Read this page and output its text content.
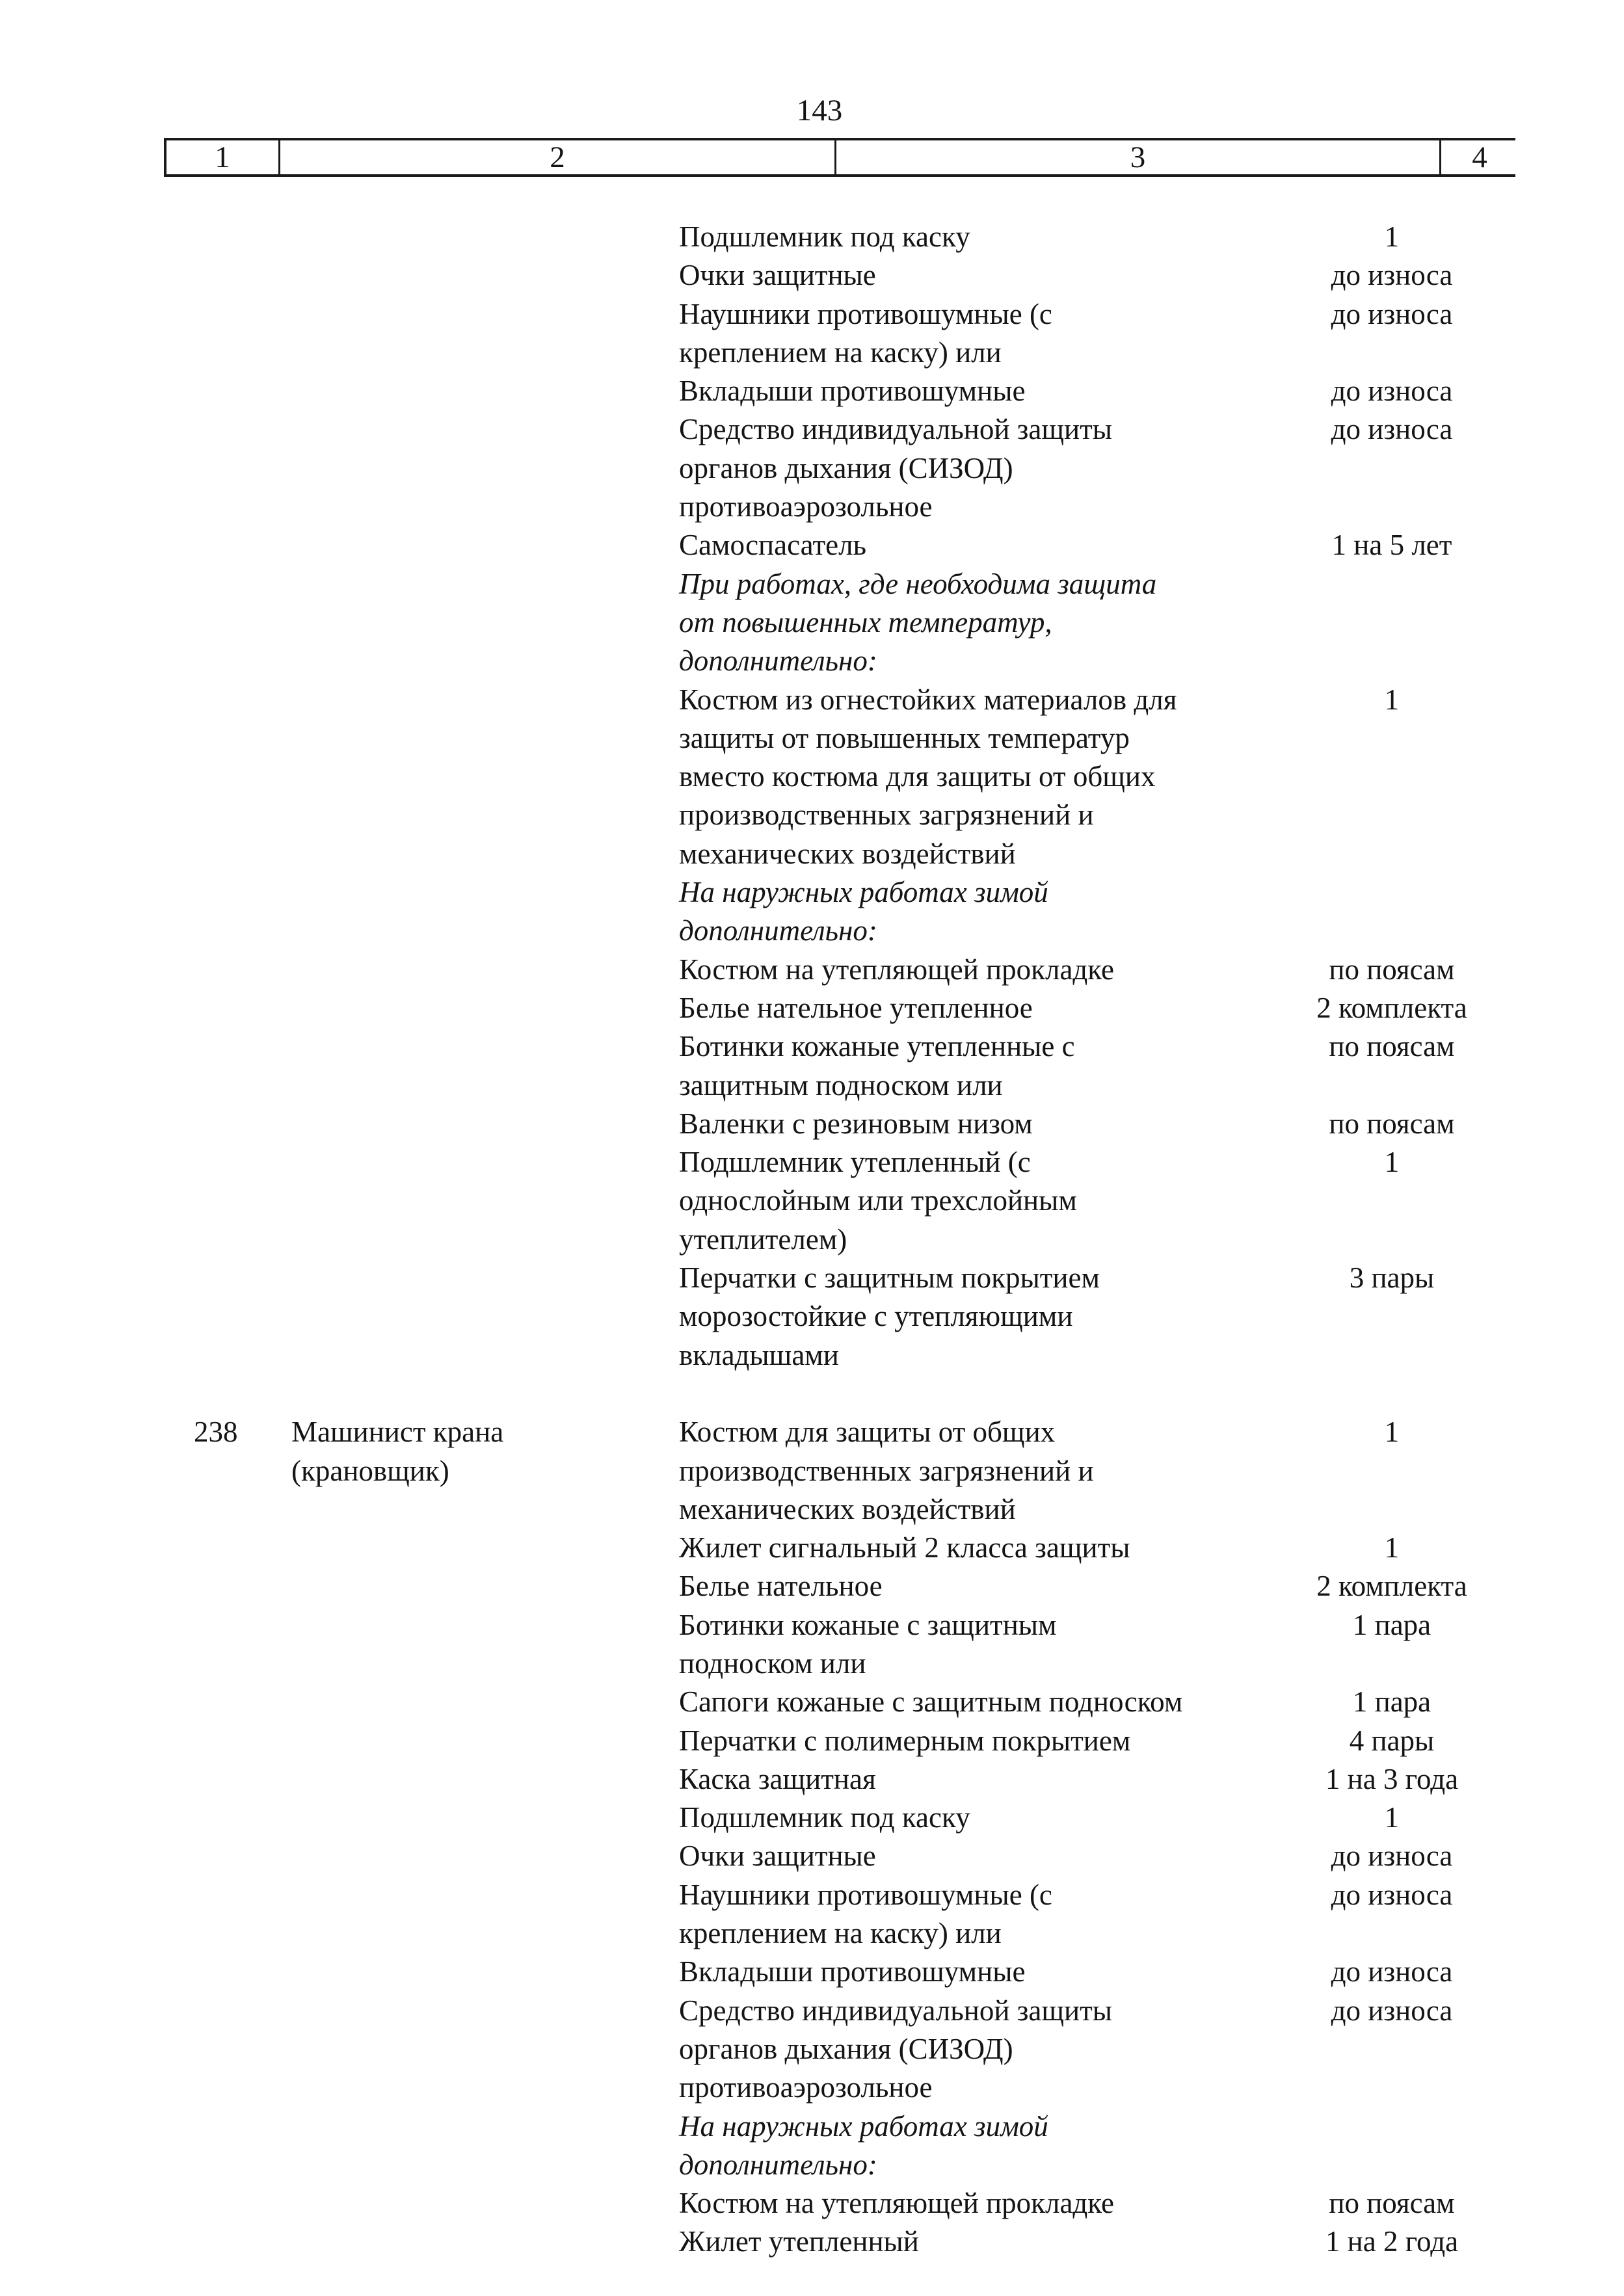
143
1	2	3	4
Подшлемник под каску	1
Очки защитные	до износа
Наушники противошумные (с	до износа
креплением на каску) или
Вкладыши противошумные	до износа
Средство индивидуальной защиты	до износа
органов дыхания (СИЗОД)
противоаэрозольное
Самоспасатель	1 на 5 лет
При работах, где необходима защита
от повышенных температур,
дополнительно:
Костюм из огнестойких материалов для	1
защиты от повышенных температур
вместо костюма для защиты от общих
производственных загрязнений и
механических воздействий
На наружных работах зимой
дополнительно:
Костюм на утепляющей прокладке	по поясам
Белье нательное утепленное	2 комплекта
Ботинки кожаные утепленные с	по поясам
защитным подноском или
Валенки с резиновым низом	по поясам
Подшлемник утепленный (с	1
однослойным или трехслойным
утеплителем)
Перчатки с защитным покрытием	3 пары
морозостойкие с утепляющими
вкладышами
238 Машинист крана	Костюм для защиты от общих	1
(крановщик)	производственных загрязнений и
механических воздействий
Жилет сигнальный 2 класса защиты	1
Белье нательное	2 комплекта
Ботинки кожаные с защитным	1 пара
подноском или
Сапоги кожаные с защитным подноском	1 пара
Перчатки с полимерным покрытием	4 пары
Каска защитная	1 на 3 года
Подшлемник под каску	1
Очки защитные	до износа
Наушники противошумные (с	до износа
креплением на каску) или
Вкладыши противошумные	до износа
Средство индивидуальной защиты	до износа
органов дыхания (СИЗОД)
противоаэрозольное
На наружных работах зимой
дополнительно:
Костюм на утепляющей прокладке	по поясам
Жилет утепленный	1 на 2 года
